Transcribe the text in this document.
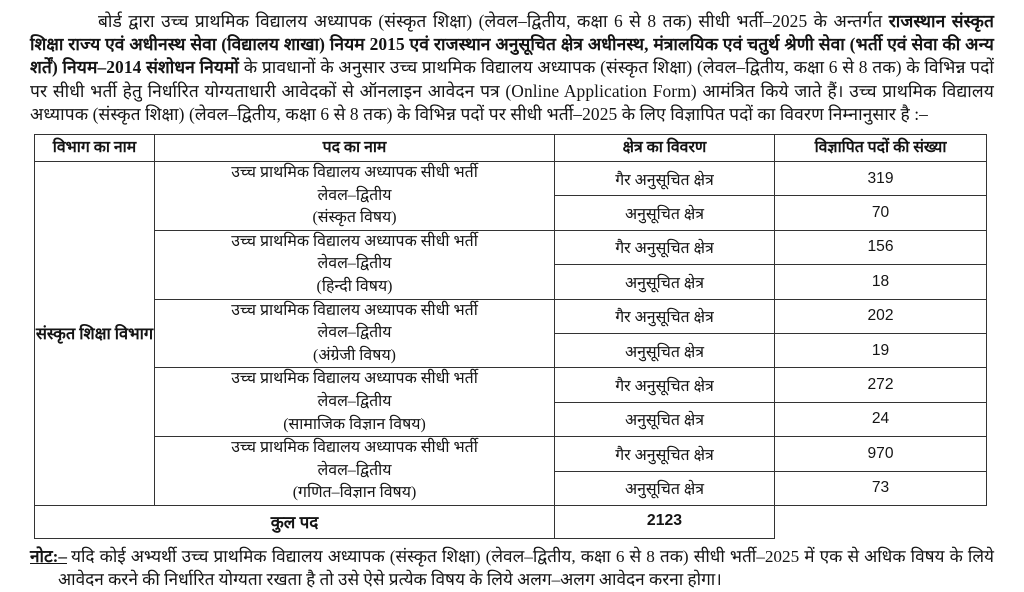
बोर्ड द्वारा उच्च प्राथमिक विद्यालय अध्यापक (संस्कृत शिक्षा) (लेवल–द्वितीय, कक्षा 6 से 8 तक) सीधी भर्ती–2025 के अन्तर्गत राजस्थान संस्कृत शिक्षा राज्य एवं अधीनस्थ सेवा (विद्यालय शाखा) नियम 2015 एवं राजस्थान अनुसूचित क्षेत्र अधीनस्थ, मंत्रालयिक एवं चतुर्थ श्रेणी सेवा (भर्ती एवं सेवा की अन्य शर्तें) नियम–2014 संशोधन नियमों के प्रावधानों के अनुसार उच्च प्राथमिक विद्यालय अध्यापक (संस्कृत शिक्षा) (लेवल–द्वितीय, कक्षा 6 से 8 तक) के विभिन्न पदों पर सीधी भर्ती हेतु निर्धारित योग्यताधारी आवेदकों से ऑनलाइन आवेदन पत्र (Online Application Form) आमंत्रित किये जाते हैं। उच्च प्राथमिक विद्यालय अध्यापक (संस्कृत शिक्षा) (लेवल–द्वितीय, कक्षा 6 से 8 तक) के विभिन्न पदों पर सीधी भर्ती–2025 के लिए विज्ञापित पदों का विवरण निम्नानुसार है :–

विभाग का नाम	पद का नाम	क्षेत्र का विवरण	विज्ञापित पदों की संख्या
संस्कृत शिक्षा विभाग	उच्च प्राथमिक विद्यालय अध्यापक सीधी भर्ती
लेवल–द्वितीय
(संस्कृत विषय)	गैर अनुसूचित क्षेत्र	319
		अनुसूचित क्षेत्र	70

	उच्च प्राथमिक विद्यालय अध्यापक सीधी भर्ती
लेवल–द्वितीय
(हिन्दी विषय)	गैर अनुसूचित क्षेत्र	156
		अनुसूचित क्षेत्र	18

	उच्च प्राथमिक विद्यालय अध्यापक सीधी भर्ती
लेवल–द्वितीय
(अंग्रेजी विषय)	गैर अनुसूचित क्षेत्र	202
		अनुसूचित क्षेत्र	19

	उच्च प्राथमिक विद्यालय अध्यापक सीधी भर्ती
लेवल–द्वितीय
(सामाजिक विज्ञान विषय)	गैर अनुसूचित क्षेत्र	272
		अनुसूचित क्षेत्र	24

	उच्च प्राथमिक विद्यालय अध्यापक सीधी भर्ती
लेवल–द्वितीय
(गणित–विज्ञान विषय)	गैर अनुसूचित क्षेत्र	970
		अनुसूचित क्षेत्र	73
कुल पद		2123	

नोट:– यदि कोई अभ्यर्थी उच्च प्राथमिक विद्यालय अध्यापक (संस्कृत शिक्षा) (लेवल–द्वितीय, कक्षा 6 से 8 तक) सीधी भर्ती–2025 में एक से अधिक विषय के लिये आवेदन करने की निर्धारित योग्यता रखता है तो उसे ऐसे प्रत्येक विषय के लिये अलग–अलग आवेदन करना होगा।
